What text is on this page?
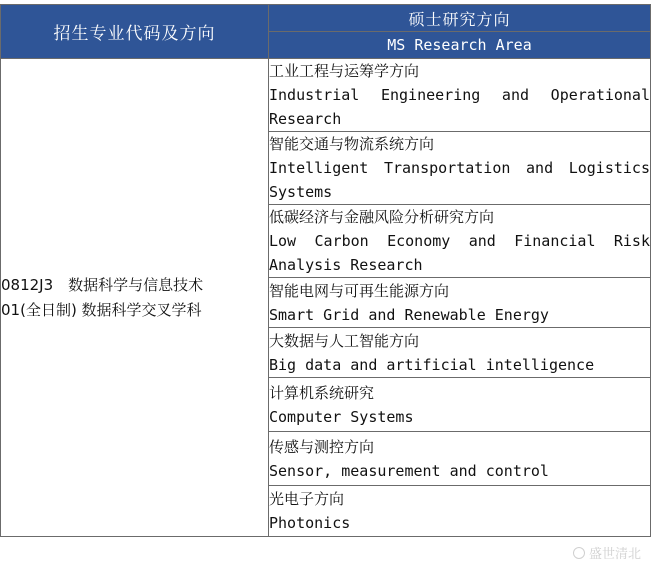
招生专业代码及方向	硕士研究方向
	MS Research Area

0812J3　数据科学与信息技术
01(全日制) 数据科学交叉学科	工业工程与运筹学方向
Industrial Engineering and Operational Research

	智能交通与物流系统方向
Intelligent Transportation and Logistics Systems

	低碳经济与金融风险分析研究方向
Low Carbon Economy and Financial Risk Analysis Research

	智能电网与可再生能源方向
Smart Grid and Renewable Energy

	大数据与人工智能方向
Big data and artificial intelligence

	计算机系统研究
Computer Systems

	传感与测控方向
Sensor, measurement and control

	光电子方向
Photonics
盛世清北
